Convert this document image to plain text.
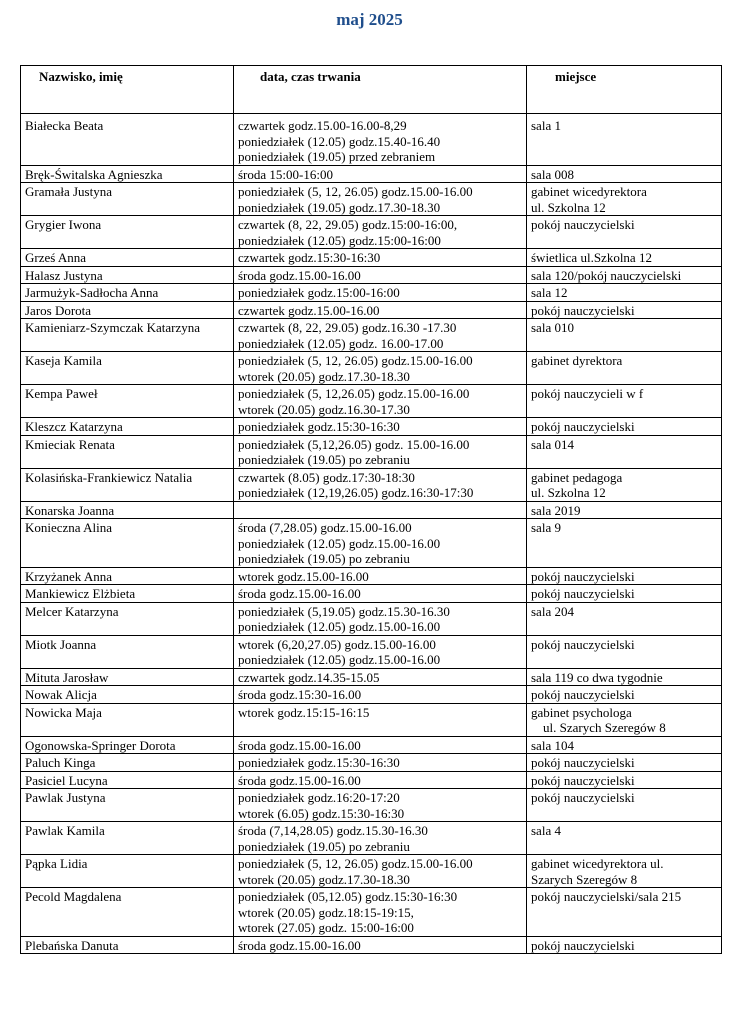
maj 2025
Nazwisko, imię	data, czas trwania	miejsce
Białecka Beata	czwartek godz.15.00-16.00-8,29
poniedziałek (12.05) godz.15.40-16.40
poniedziałek (19.05) przed zebraniem	sala 1

Bręk-Świtalska Agnieszka	środa 15:00-16:00	sala 008

Gramała Justyna	poniedziałek (5, 12, 26.05) godz.15.00-16.00
poniedziałek (19.05) godz.17.30-18.30	gabinet wicedyrektora
ul. Szkolna 12

Grygier Iwona	czwartek (8, 22, 29.05) godz.15:00-16:00,
poniedziałek (12.05) godz.15:00-16:00	pokój nauczycielski

Grześ Anna	czwartek godz.15:30-16:30	świetlica ul.Szkolna 12

Halasz Justyna	środa godz.15.00-16.00	sala 120/pokój nauczycielski

Jarmużyk-Sadłocha Anna	poniedziałek godz.15:00-16:00	sala 12

Jaros Dorota	czwartek godz.15.00-16.00	pokój nauczycielski

Kamieniarz-Szymczak Katarzyna	czwartek (8, 22, 29.05) godz.16.30 -17.30
poniedziałek (12.05) godz. 16.00-17.00	sala 010

Kaseja Kamila	poniedziałek (5, 12, 26.05) godz.15.00-16.00
wtorek (20.05) godz.17.30-18.30	gabinet dyrektora

Kempa Paweł	poniedziałek (5, 12,26.05) godz.15.00-16.00
wtorek (20.05) godz.16.30-17.30	pokój nauczycieli w f

Kleszcz Katarzyna	poniedziałek godz.15:30-16:30	pokój nauczycielski

Kmieciak Renata	poniedziałek (5,12,26.05) godz. 15.00-16.00
poniedziałek (19.05) po zebraniu	sala 014

Kolasińska-Frankiewicz Natalia	czwartek (8.05) godz.17:30-18:30
poniedziałek (12,19,26.05) godz.16:30-17:30	gabinet pedagoga
ul. Szkolna 12

Konarska Joanna		sala 2019

Konieczna Alina	środa (7,28.05) godz.15.00-16.00
poniedziałek (12.05) godz.15.00-16.00
poniedziałek (19.05) po zebraniu	sala 9

Krzyżanek Anna	wtorek godz.15.00-16.00	pokój nauczycielski

Mankiewicz Elżbieta	środa godz.15.00-16.00	pokój nauczycielski

Melcer Katarzyna	poniedziałek (5,19.05) godz.15.30-16.30
poniedziałek (12.05) godz.15.00-16.00	sala 204

Miotk Joanna	wtorek (6,20,27.05) godz.15.00-16.00
poniedziałek (12.05) godz.15.00-16.00	pokój nauczycielski

Mituta Jarosław	czwartek godz.14.35-15.05	sala 119 co dwa tygodnie

Nowak Alicja	środa godz.15:30-16.00	pokój nauczycielski

Nowicka Maja	wtorek godz.15:15-16:15	gabinet psychologa
ul. Szarych Szeregów 8

Ogonowska-Springer Dorota	środa godz.15.00-16.00	sala 104

Paluch Kinga	poniedziałek godz.15:30-16:30	pokój nauczycielski

Pasiciel Lucyna	środa godz.15.00-16.00	pokój nauczycielski

Pawlak Justyna	poniedziałek godz.16:20-17:20
wtorek (6.05) godz.15:30-16:30	pokój nauczycielski

Pawlak Kamila	środa (7,14,28.05) godz.15.30-16.30
poniedziałek (19.05) po zebraniu	sala 4

Pąpka Lidia	poniedziałek (5, 12, 26.05) godz.15.00-16.00
wtorek (20.05) godz.17.30-18.30	gabinet wicedyrektora ul.
Szarych Szeregów 8

Pecold Magdalena	poniedziałek (05,12.05) godz.15:30-16:30
wtorek (20.05) godz.18:15-19:15,
wtorek (27.05) godz. 15:00-16:00	pokój nauczycielski/sala 215

Plebańska Danuta	środa godz.15.00-16.00	pokój nauczycielski
